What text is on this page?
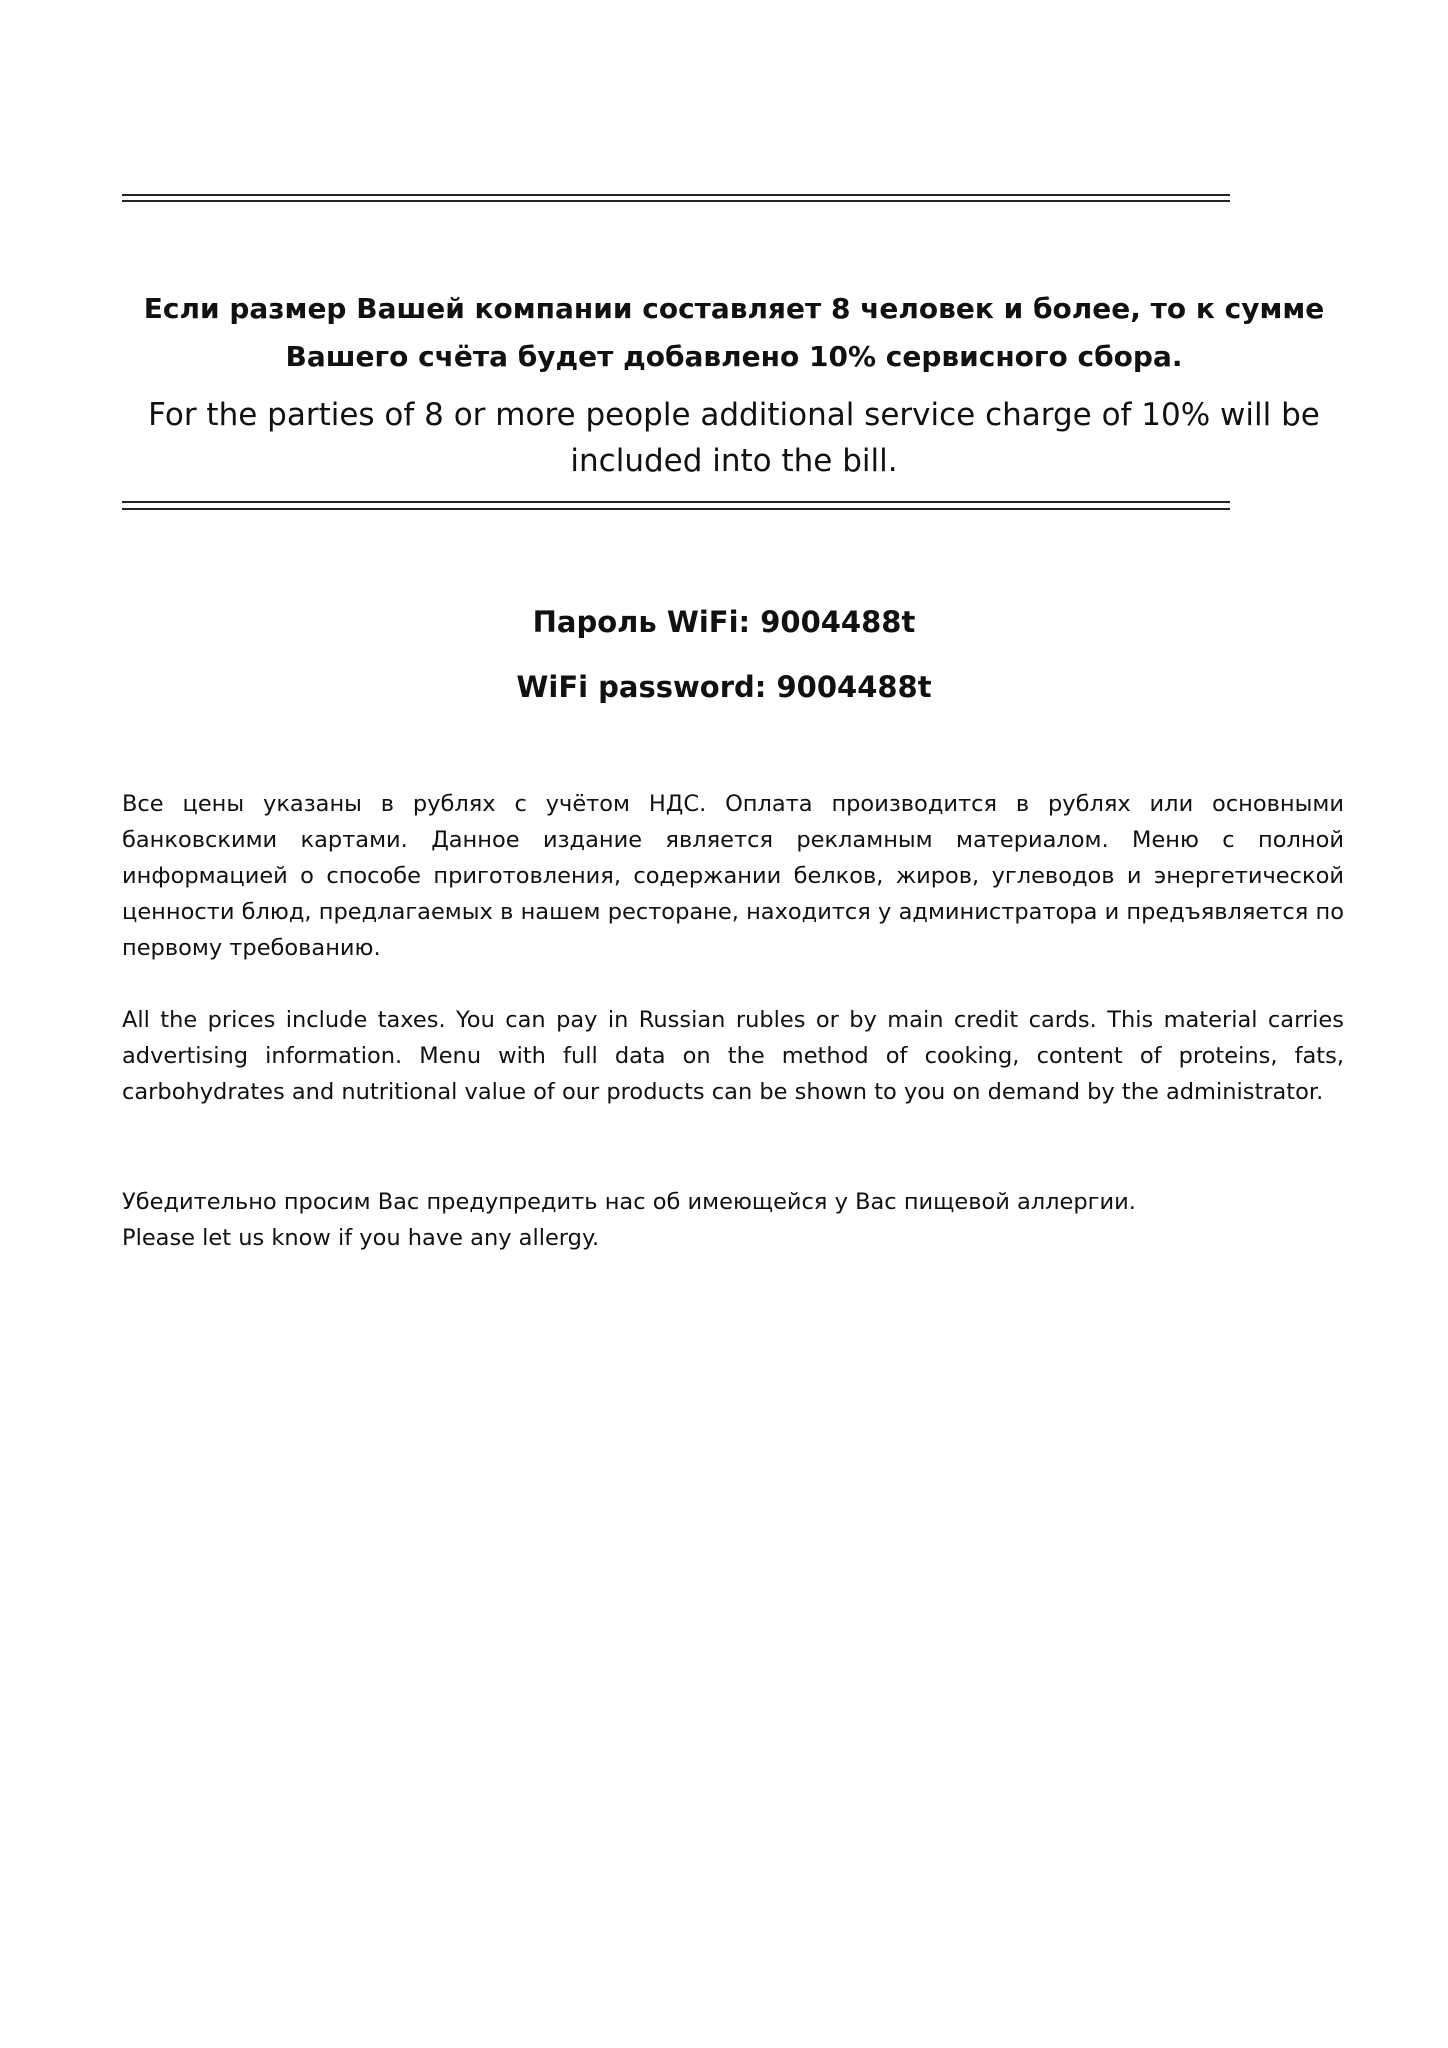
Если размер Вашей компании составляет 8 человек и более, то к сумме Вашего счёта будет добавлено 10% сервисного сбора.
For the parties of 8 or more people additional service charge of 10% will be included into the bill.
Пароль WiFi: 9004488t
WiFi password: 9004488t

Все цены указаны в рублях с учётом НДС. Оплата производится в рублях или основными банковскими картами. Данное издание является рекламным материалом. Меню с полной информацией о способе приготовления, содержании белков, жиров, углеводов и энергетической ценности блюд, предлагаемых в нашем ресторане, находится у администратора и предъявляется по первому требованию.

All the prices include taxes. You can pay in Russian rubles or by main credit cards. This material carries advertising information. Menu with full data on the method of cooking, content of proteins, fats, carbohydrates and nutritional value of our products can be shown to you on demand by the administrator.

Убедительно просим Вас предупредить нас об имеющейся у Вас пищевой аллергии.

Please let us know if you have any allergy.
